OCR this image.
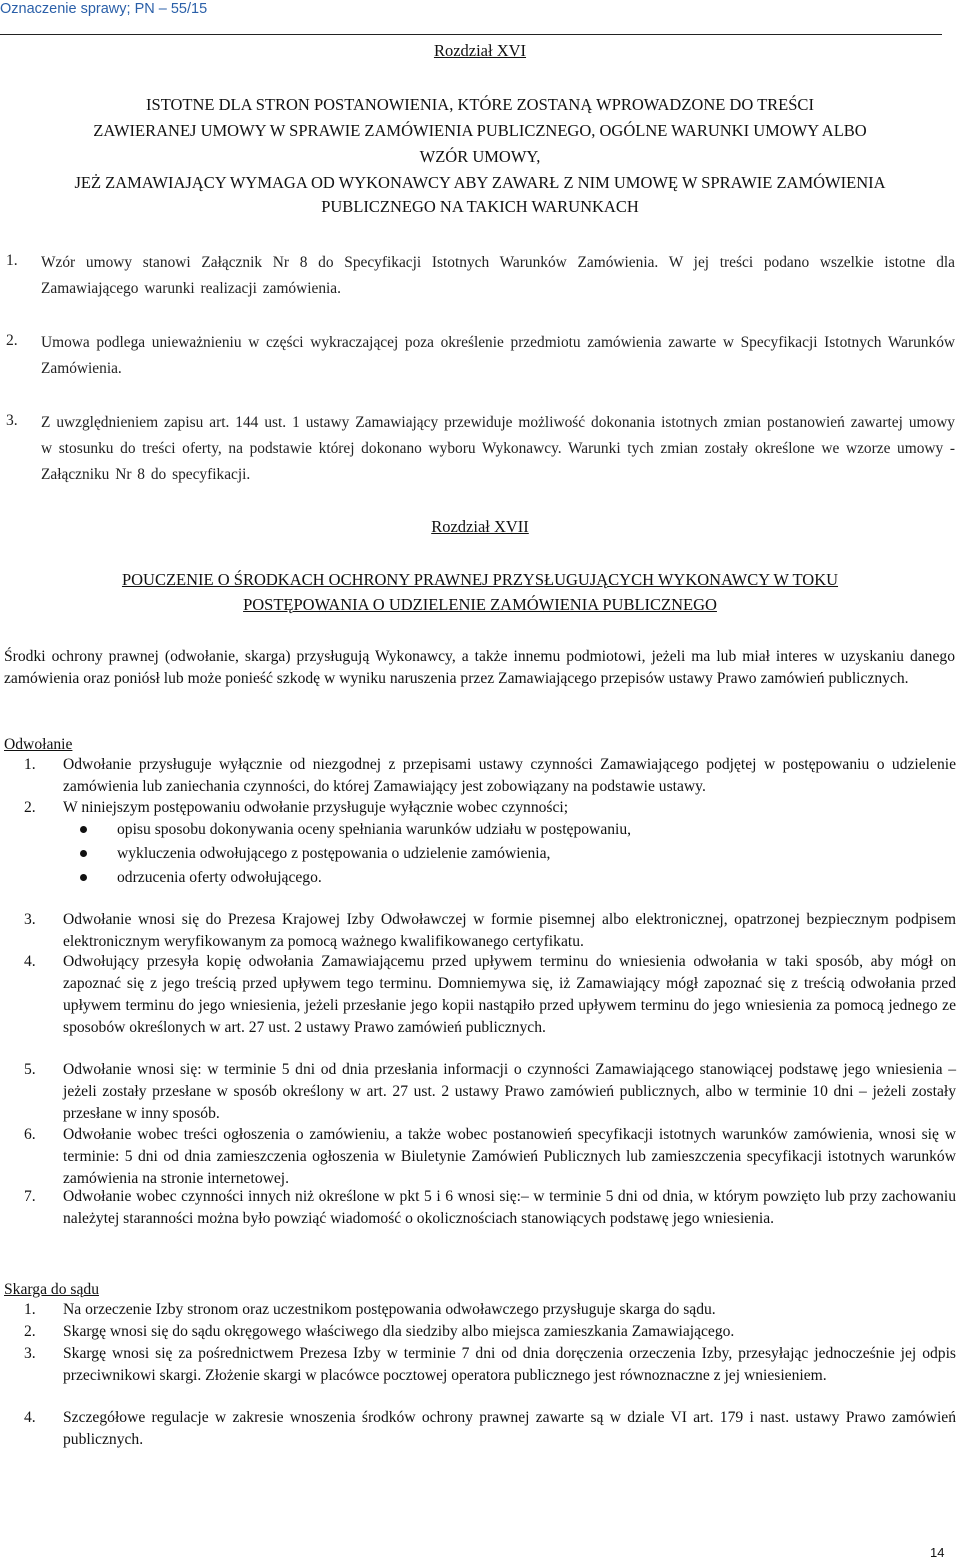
Oznaczenie sprawy; PN – 55/15
Rozdział XVI
ISTOTNE DLA STRON POSTANOWIENIA, KTÓRE ZOSTANĄ WPROWADZONE DO TREŚCI
ZAWIERANEJ UMOWY W SPRAWIE ZAMÓWIENIA PUBLICZNEGO, OGÓLNE WARUNKI UMOWY ALBO
WZÓR UMOWY,
JEŻ ZAMAWIAJĄCY WYMAGA OD WYKONAWCY ABY ZAWARŁ Z NIM UMOWĘ W SPRAWIE ZAMÓWIENIA
PUBLICZNEGO NA TAKICH WARUNKACH
1. Wzór umowy stanowi Załącznik Nr 8 do Specyfikacji Istotnych Warunków Zamówienia. W jej treści podano wszelkie istotne dla Zamawiającego warunki realizacji zamówienia.
2. Umowa podlega unieważnieniu w części wykraczającej poza określenie przedmiotu zamówienia zawarte w Specyfikacji Istotnych Warunków Zamówienia.
3. Z uwzględnieniem zapisu art. 144 ust. 1 ustawy Zamawiający przewiduje możliwość dokonania istotnych zmian postanowień zawartej umowy w stosunku do treści oferty, na podstawie której dokonano wyboru Wykonawcy. Warunki tych zmian zostały określone we wzorze umowy - Załączniku Nr 8 do specyfikacji.
Rozdział XVII
POUCZENIE O ŚRODKACH OCHRONY PRAWNEJ PRZYSŁUGUJĄCYCH WYKONAWCY W TOKU
POSTĘPOWANIA O UDZIELENIE ZAMÓWIENIA PUBLICZNEGO
Środki ochrony prawnej (odwołanie, skarga) przysługują Wykonawcy, a także innemu podmiotowi, jeżeli ma lub miał interes w uzyskaniu danego zamówienia oraz poniósł lub może ponieść szkodę w wyniku naruszenia przez Zamawiającego przepisów ustawy Prawo zamówień publicznych.
Odwołanie
1. Odwołanie przysługuje wyłącznie od niezgodnej z przepisami ustawy czynności Zamawiającego podjętej w postępowaniu o udzielenie zamówienia lub zaniechania czynności, do której Zamawiający jest zobowiązany na podstawie ustawy.
2. W niniejszym postępowaniu odwołanie przysługuje wyłącznie wobec czynności;
opisu sposobu dokonywania oceny spełniania warunków udziału w postępowaniu,
wykluczenia odwołującego z postępowania o udzielenie zamówienia,
odrzucenia oferty odwołującego.
3. Odwołanie wnosi się do Prezesa Krajowej Izby Odwoławczej w formie pisemnej albo elektronicznej, opatrzonej bezpiecznym podpisem elektronicznym weryfikowanym za pomocą ważnego kwalifikowanego certyfikatu.
4. Odwołujący przesyła kopię odwołania Zamawiającemu przed upływem terminu do wniesienia odwołania w taki sposób, aby mógł on zapoznać się z jego treścią przed upływem tego terminu. Domniemywa się, iż Zamawiający mógł zapoznać się z treścią odwołania przed upływem terminu do jego wniesienia, jeżeli przesłanie jego kopii nastąpiło przed upływem terminu do jego wniesienia za pomocą jednego ze sposobów określonych w art. 27 ust. 2 ustawy Prawo zamówień publicznych.
5. Odwołanie wnosi się: w terminie 5 dni od dnia przesłania informacji o czynności Zamawiającego stanowiącej podstawę jego wniesienia – jeżeli zostały przesłane w sposób określony w art. 27 ust. 2 ustawy Prawo zamówień publicznych, albo w terminie 10 dni – jeżeli zostały przesłane w inny sposób.
6. Odwołanie wobec treści ogłoszenia o zamówieniu, a także wobec postanowień specyfikacji istotnych warunków zamówienia, wnosi się w terminie: 5 dni od dnia zamieszczenia ogłoszenia w Biuletynie Zamówień Publicznych lub zamieszczenia specyfikacji istotnych warunków zamówienia na stronie internetowej.
7. Odwołanie wobec czynności innych niż określone w pkt 5 i 6 wnosi się:– w terminie 5 dni od dnia, w którym powzięto lub przy zachowaniu należytej staranności można było powziąć wiadomość o okolicznościach stanowiących podstawę jego wniesienia.
Skarga do sądu
1. Na orzeczenie Izby stronom oraz uczestnikom postępowania odwoławczego przysługuje skarga do sądu.
2. Skargę wnosi się do sądu okręgowego właściwego dla siedziby albo miejsca zamieszkania Zamawiającego.
3. Skargę wnosi się za pośrednictwem Prezesa Izby w terminie 7 dni od dnia doręczenia orzeczenia Izby, przesyłając jednocześnie jej odpis przeciwnikowi skargi. Złożenie skargi w placówce pocztowej operatora publicznego jest równoznaczne z jej wniesieniem.
4. Szczegółowe regulacje w zakresie wnoszenia środków ochrony prawnej zawarte są w dziale VI art. 179 i nast. ustawy Prawo zamówień publicznych.
14
